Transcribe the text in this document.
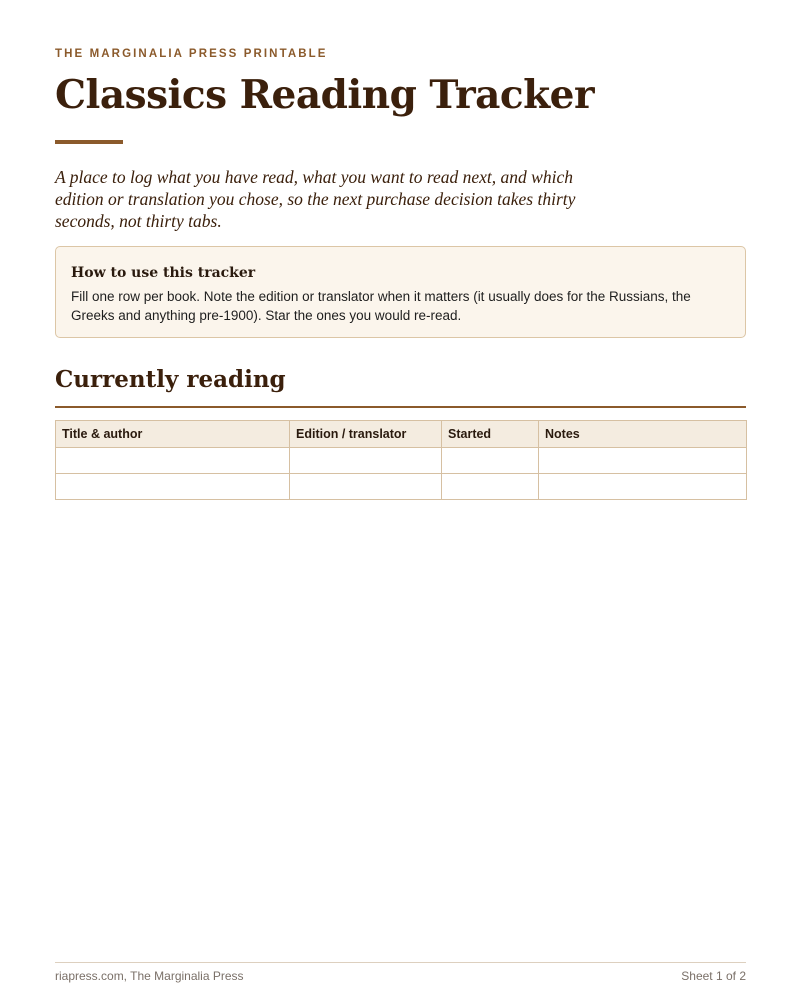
THE MARGINALIA PRESS PRINTABLE
Classics Reading Tracker

A place to log what you have read, what you want to read next, and which edition or translation you chose, so the next purchase decision takes thirty seconds, not thirty tabs.

How to use this tracker

Fill one row per book. Note the edition or translator when it matters (it usually does for the Russians, the Greeks and anything pre-1900). Star the ones you would re-read.

Currently reading
Title & author	Edition / translator	Started	Notes

riapress.com, The Marginalia Press	Sheet 1 of 2
